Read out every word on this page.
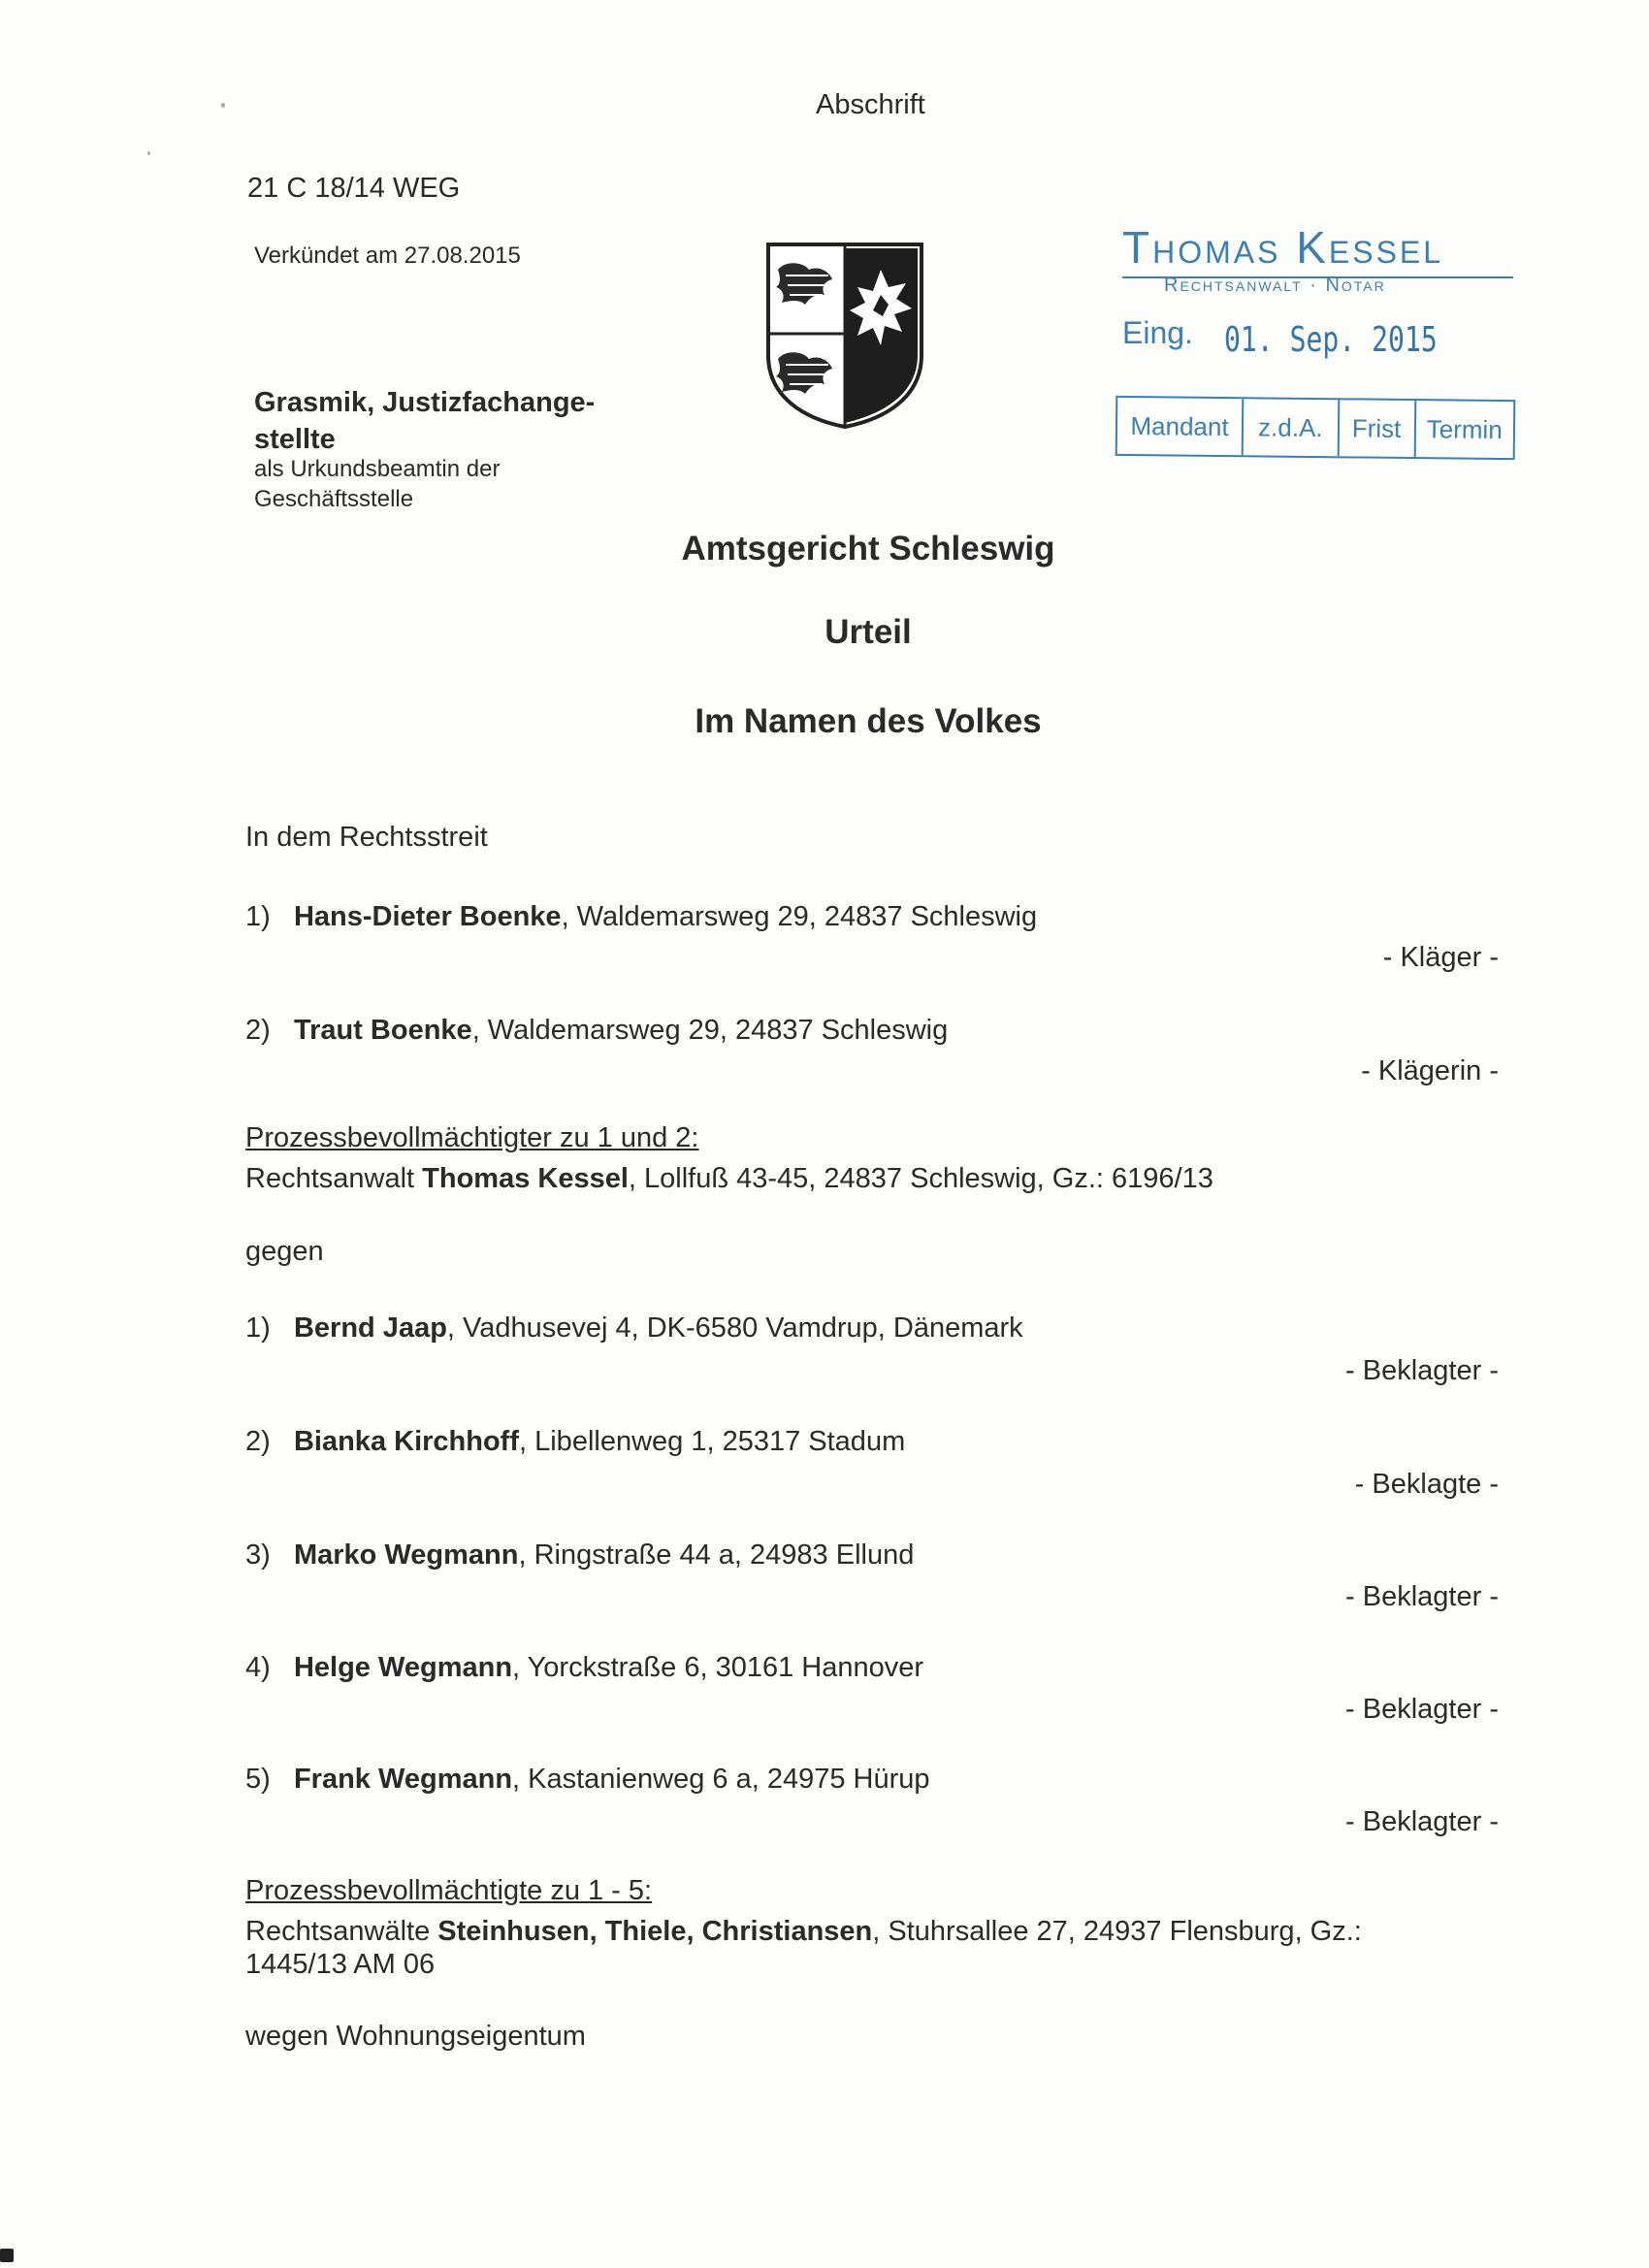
Abschrift
21 C 18/14 WEG
Verkündet am 27.08.2015
Grasmik, Justizfachange-
stellte
als Urkundsbeamtin der
Geschäftsstelle
Thomas Kessel
Rechtsanwalt · Notar
Eing. 01. Sep. 2015
Mandant	z.d.A.	Frist	Termin
Amtsgericht Schleswig
Urteil
Im Namen des Volkes
In dem Rechtsstreit
1) Hans-Dieter Boenke, Waldemarsweg 29, 24837 Schleswig
- Kläger -
2) Traut Boenke, Waldemarsweg 29, 24837 Schleswig
- Klägerin -
Prozessbevollmächtigter zu 1 und 2:
Rechtsanwalt Thomas Kessel, Lollfuß 43-45, 24837 Schleswig, Gz.: 6196/13
gegen
1) Bernd Jaap, Vadhusevej 4, DK-6580 Vamdrup, Dänemark
- Beklagter -
2) Bianka Kirchhoff, Libellenweg 1, 25317 Stadum
- Beklagte -
3) Marko Wegmann, Ringstraße 44 a, 24983 Ellund
- Beklagter -
4) Helge Wegmann, Yorckstraße 6, 30161 Hannover
- Beklagter -
5) Frank Wegmann, Kastanienweg 6 a, 24975 Hürup
- Beklagter -
Prozessbevollmächtigte zu 1 - 5:
Rechtsanwälte Steinhusen, Thiele, Christiansen, Stuhrsallee 27, 24937 Flensburg, Gz.:
1445/13 AM 06
wegen Wohnungseigentum
